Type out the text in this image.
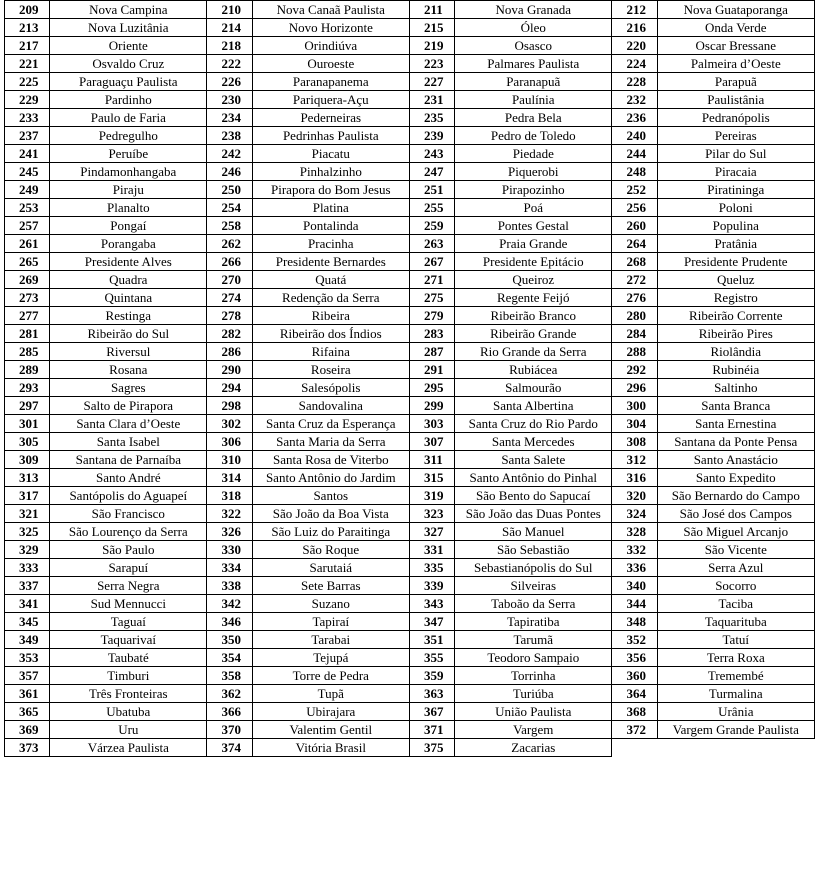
209	Nova Campina	210	Nova Canaã Paulista	211	Nova Granada	212	Nova Guataporanga
213	Nova Luzitânia	214	Novo Horizonte	215	Óleo	216	Onda Verde
217	Oriente	218	Orindiúva	219	Osasco	220	Oscar Bressane
221	Osvaldo Cruz	222	Ouroeste	223	Palmares Paulista	224	Palmeira d’Oeste
225	Paraguaçu Paulista	226	Paranapanema	227	Paranapuã	228	Parapuã
229	Pardinho	230	Pariquera-Açu	231	Paulínia	232	Paulistânia
233	Paulo de Faria	234	Pederneiras	235	Pedra Bela	236	Pedranópolis
237	Pedregulho	238	Pedrinhas Paulista	239	Pedro de Toledo	240	Pereiras
241	Peruíbe	242	Piacatu	243	Piedade	244	Pilar do Sul
245	Pindamonhangaba	246	Pinhalzinho	247	Piquerobi	248	Piracaia
249	Piraju	250	Pirapora do Bom Jesus	251	Pirapozinho	252	Piratininga
253	Planalto	254	Platina	255	Poá	256	Poloni
257	Pongaí	258	Pontalinda	259	Pontes Gestal	260	Populina
261	Porangaba	262	Pracinha	263	Praia Grande	264	Pratânia
265	Presidente Alves	266	Presidente Bernardes	267	Presidente Epitácio	268	Presidente Prudente
269	Quadra	270	Quatá	271	Queiroz	272	Queluz
273	Quintana	274	Redenção da Serra	275	Regente Feijó	276	Registro
277	Restinga	278	Ribeira	279	Ribeirão Branco	280	Ribeirão Corrente
281	Ribeirão do Sul	282	Ribeirão dos Índios	283	Ribeirão Grande	284	Ribeirão Pires
285	Riversul	286	Rifaina	287	Rio Grande da Serra	288	Riolândia
289	Rosana	290	Roseira	291	Rubiácea	292	Rubinéia
293	Sagres	294	Salesópolis	295	Salmourão	296	Saltinho
297	Salto de Pirapora	298	Sandovalina	299	Santa Albertina	300	Santa Branca
301	Santa Clara d’Oeste	302	Santa Cruz da Esperança	303	Santa Cruz do Rio Pardo	304	Santa Ernestina
305	Santa Isabel	306	Santa Maria da Serra	307	Santa Mercedes	308	Santana da Ponte Pensa
309	Santana de Parnaíba	310	Santa Rosa de Viterbo	311	Santa Salete	312	Santo Anastácio
313	Santo André	314	Santo Antônio do Jardim	315	Santo Antônio do Pinhal	316	Santo Expedito
317	Santópolis do Aguapeí	318	Santos	319	São Bento do Sapucaí	320	São Bernardo do Campo
321	São Francisco	322	São João da Boa Vista	323	São João das Duas Pontes	324	São José dos Campos
325	São Lourenço da Serra	326	São Luiz do Paraitinga	327	São Manuel	328	São Miguel Arcanjo
329	São Paulo	330	São Roque	331	São Sebastião	332	São Vicente
333	Sarapuí	334	Sarutaiá	335	Sebastianópolis do Sul	336	Serra Azul
337	Serra Negra	338	Sete Barras	339	Silveiras	340	Socorro
341	Sud Mennucci	342	Suzano	343	Taboão da Serra	344	Taciba
345	Taguaí	346	Tapiraí	347	Tapiratiba	348	Taquarituba
349	Taquarivaí	350	Tarabai	351	Tarumã	352	Tatuí
353	Taubaté	354	Tejupá	355	Teodoro Sampaio	356	Terra Roxa
357	Timburi	358	Torre de Pedra	359	Torrinha	360	Tremembé
361	Três Fronteiras	362	Tupã	363	Turiúba	364	Turmalina
365	Ubatuba	366	Ubirajara	367	União Paulista	368	Urânia
369	Uru	370	Valentim Gentil	371	Vargem	372	Vargem Grande Paulista
373	Várzea Paulista	374	Vitória Brasil	375	Zacarias		
